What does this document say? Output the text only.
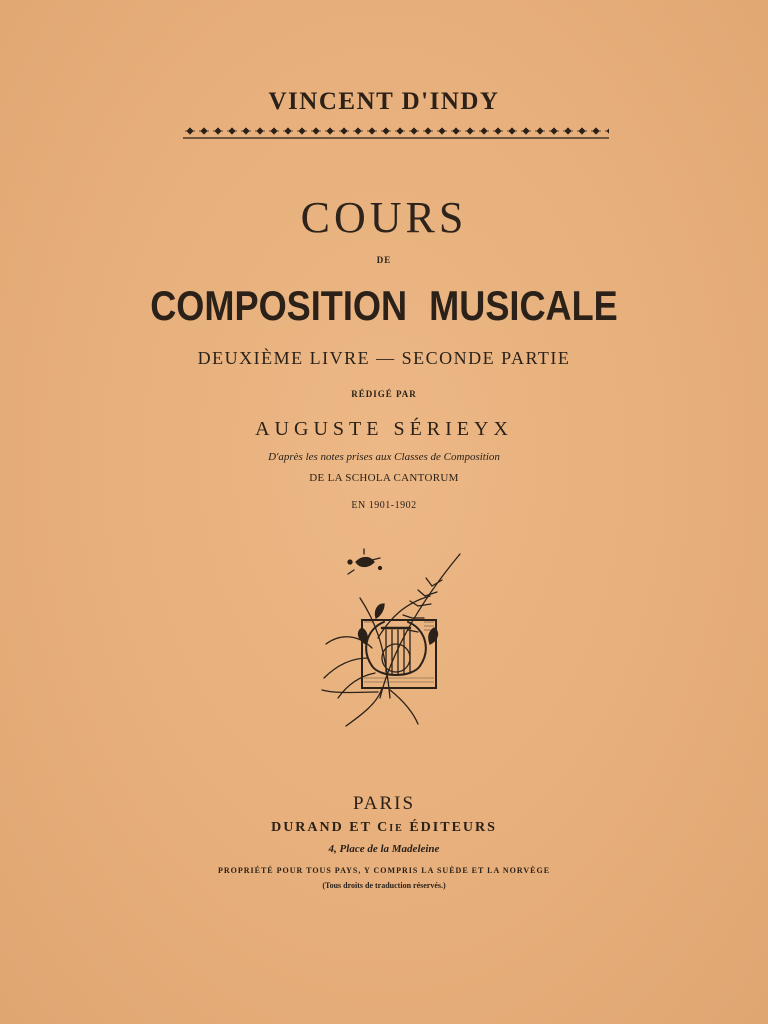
VINCENT D'INDY
COURS
DE
COMPOSITION MUSICALE
DEUXIÈME LIVRE — SECONDE PARTIE
RÉDIGÉ PAR
AUGUSTE SÉRIEYX
D'après les notes prises aux Classes de Composition
DE LA SCHOLA CANTORUM
EN 1901-1902
PARIS
DURAND ET Cie ÉDITEURS
4, Place de la Madeleine
PROPRIÉTÉ POUR TOUS PAYS, Y COMPRIS LA SUÈDE ET LA NORVÈGE
(Tous droits de traduction réservés.)
